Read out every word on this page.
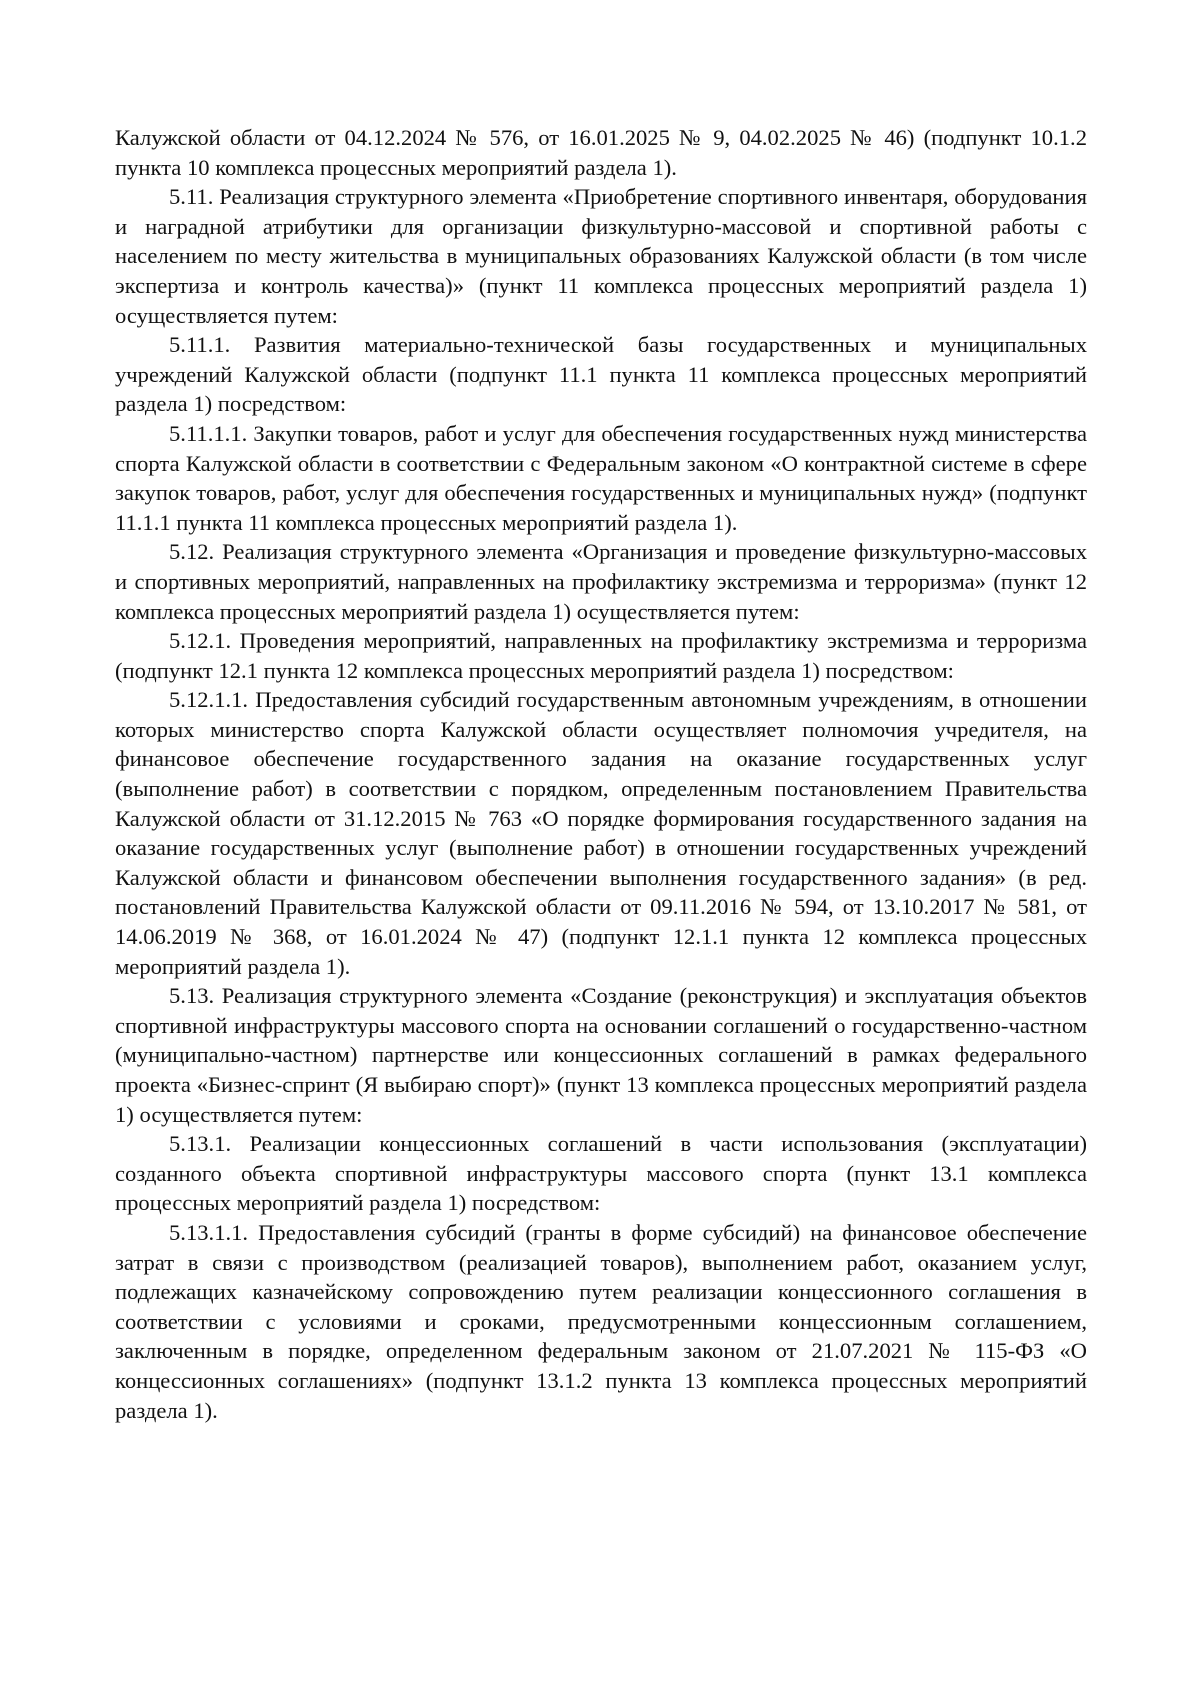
Калужской области от 04.12.2024 № 576, от 16.01.2025 № 9, 04.02.2025 № 46) (подпункт 10.1.2 пункта 10 комплекса процессных мероприятий раздела 1).

5.11. Реализация структурного элемента «Приобретение спортивного инвентаря, оборудования и наградной атрибутики для организации физкультурно-массовой и спортивной работы с населением по месту жительства в муниципальных образованиях Калужской области (в том числе экспертиза и контроль качества)» (пункт 11 комплекса процессных мероприятий раздела 1) осуществляется путем:

5.11.1. Развития материально-технической базы государственных и муниципальных учреждений Калужской области (подпункт 11.1 пункта 11 комплекса процессных мероприятий раздела 1) посредством:

5.11.1.1. Закупки товаров, работ и услуг для обеспечения государственных нужд министерства спорта Калужской области в соответствии с Федеральным законом «О контрактной системе в сфере закупок товаров, работ, услуг для обеспечения государственных и муниципальных нужд» (подпункт 11.1.1 пункта 11 комплекса процессных мероприятий раздела 1).

5.12. Реализация структурного элемента «Организация и проведение физкультурно-массовых и спортивных мероприятий, направленных на профилактику экстремизма и терроризма» (пункт 12 комплекса процессных мероприятий раздела 1) осуществляется путем:

5.12.1. Проведения мероприятий, направленных на профилактику экстремизма и терроризма (подпункт 12.1 пункта 12 комплекса процессных мероприятий раздела 1) посредством:

5.12.1.1. Предоставления субсидий государственным автономным учреждениям, в отношении которых министерство спорта Калужской области осуществляет полномочия учредителя, на финансовое обеспечение государственного задания на оказание государственных услуг (выполнение работ) в соответствии с порядком, определенным постановлением Правительства Калужской области от 31.12.2015 № 763 «О порядке формирования государственного задания на оказание государственных услуг (выполнение работ) в отношении государственных учреждений Калужской области и финансовом обеспечении выполнения государственного задания» (в ред. постановлений Правительства Калужской области от 09.11.2016 № 594, от 13.10.2017 № 581, от 14.06.2019 № 368, от 16.01.2024 № 47) (подпункт 12.1.1 пункта 12 комплекса процессных мероприятий раздела 1).

5.13. Реализация структурного элемента «Создание (реконструкция) и эксплуатация объектов спортивной инфраструктуры массового спорта на основании соглашений о государственно-частном (муниципально-частном) партнерстве или концессионных соглашений в рамках федерального проекта «Бизнес-спринт (Я выбираю спорт)» (пункт 13 комплекса процессных мероприятий раздела 1) осуществляется путем:

5.13.1. Реализации концессионных соглашений в части использования (эксплуатации) созданного объекта спортивной инфраструктуры массового спорта (пункт 13.1 комплекса процессных мероприятий раздела 1) посредством:

5.13.1.1. Предоставления субсидий (гранты в форме субсидий) на финансовое обеспечение затрат в связи с производством (реализацией товаров), выполнением работ, оказанием услуг, подлежащих казначейскому сопровождению путем реализации концессионного соглашения в соответствии с условиями и сроками, предусмотренными концессионным соглашением, заключенным в порядке, определенном федеральным законом от 21.07.2021 № 115-ФЗ «О концессионных соглашениях» (подпункт 13.1.2 пункта 13 комплекса процессных мероприятий раздела 1).
